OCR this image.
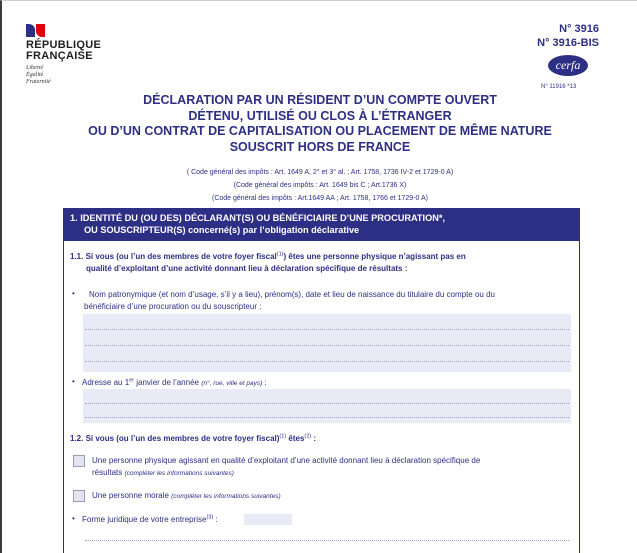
RÉPUBLIQUE
FRANÇAISE
Liberté
Égalité
Fraternité
N° 3916
N° 3916-BIS
cerfa
N° 11916 *13
DÉCLARATION PAR UN RÉSIDENT D’UN COMPTE OUVERT
DÉTENU, UTILISÉ OU CLOS À L’ÉTRANGER
OU D’UN CONTRAT DE CAPITALISATION OU PLACEMENT DE MÊME NATURE
SOUSCRIT HORS DE FRANCE
( Code général des impôts : Art. 1649 A, 2° et 3° al. ; Art. 1758, 1736 IV-2 et 1729-0 A)
(Code général des impôts : Art. 1649 bis C ; Art.1736 X)
(Code général des impôts : Art.1649 AA ; Art. 1758, 1766 et 1729-0 A)
1. IDENTITÉ DU (OU DES) DÉCLARANT(S) OU BÉNÉFICIAIRE D’UNE PROCURATION*,
OU SOUSCRIPTEUR(S) concerné(s) par l’obligation déclarative
1.1. Si vous (ou l’un des membres de votre foyer fiscal$^{(1)}$) êtes une personne physique n’agissant pas en
qualité d’exploitant d’une activité donnant lieu à déclaration spécifique de résultats :
•	Nom patronymique (et nom d’usage, s’il y a lieu), prénom(s), date et lieu de naissance du titulaire du compte ou du
bénéficiaire d’une procuration ou du souscripteur :
• Adresse au 1er janvier de l’année (n°, rue, ville et pays) :
1.2. Si vous (ou l’un des membres de votre foyer fiscal)$^{(1)}$ êtes$^{(2)}$ :
Une personne physique agissant en qualité d’exploitant d’une activité donnant lieu à déclaration spécifique de
résultats (compléter les informations suivantes)
Une personne morale (compléter les informations suivantes)
• Forme juridique de votre entreprise$^{(3)}$ :
